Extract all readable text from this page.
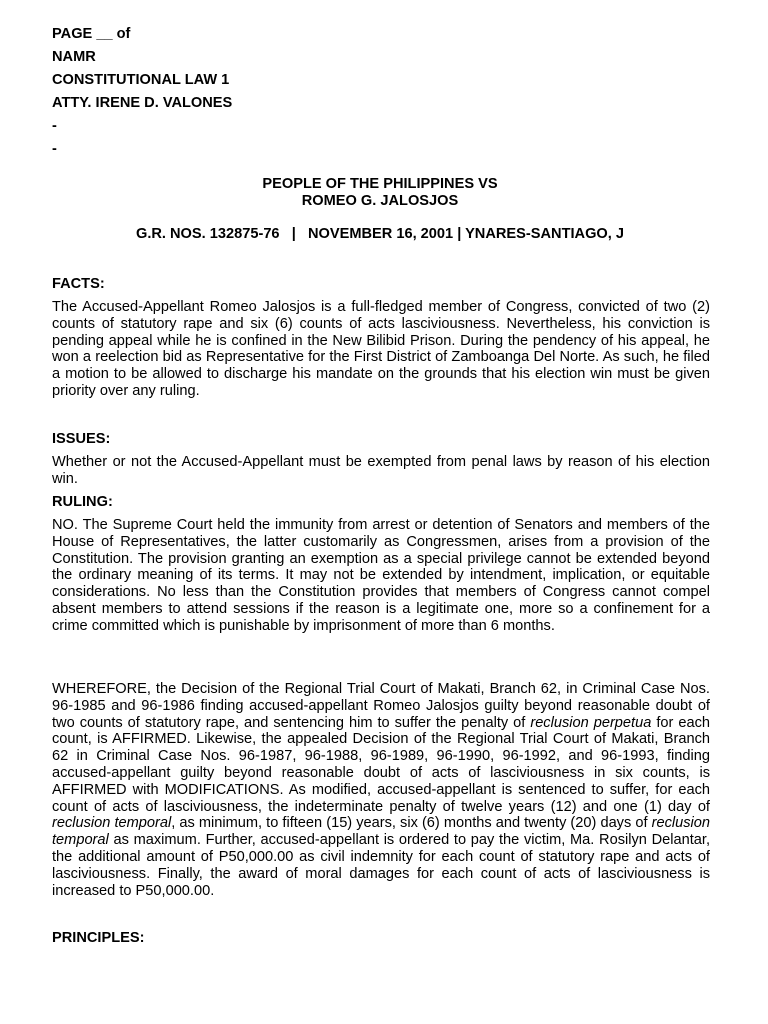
PAGE __ of

NAMR

CONSTITUTIONAL LAW 1

ATTY. IRENE D. VALONES

-

-

PEOPLE OF THE PHILIPPINES VS

ROMEO G. JALOSJOS

G.R. NOS. 132875-76   |   NOVEMBER 16, 2001 | YNARES-SANTIAGO, J

FACTS:

The Accused-Appellant Romeo Jalosjos is a full-fledged member of Congress, convicted of two (2) counts of statutory rape and six (6) counts of acts lasciviousness. Nevertheless, his conviction is pending appeal while he is confined in the New Bilibid Prison. During the pendency of his appeal, he won a reelection bid as Representative for the First District of Zamboanga Del Norte. As such, he filed a motion to be allowed to discharge his mandate on the grounds that his election win must be given priority over any ruling.

ISSUES:

Whether or not the Accused-Appellant must be exempted from penal laws by reason of his election win.

RULING:

NO. The Supreme Court held the immunity from arrest or detention of Senators and members of the House of Representatives, the latter customarily as Congressmen, arises from a provision of the Constitution. The provision granting an exemption as a special privilege cannot be extended beyond the ordinary meaning of its terms. It may not be extended by intendment, implication, or equitable considerations. No less than the Constitution provides that members of Congress cannot compel absent members to attend sessions if the reason is a legitimate one, more so a confinement for a crime committed which is punishable by imprisonment of more than 6 months.

WHEREFORE, the Decision of the Regional Trial Court of Makati, Branch 62, in Criminal Case Nos. 96-1985 and 96-1986 finding accused-appellant Romeo Jalosjos guilty beyond reasonable doubt of two counts of statutory rape, and sentencing him to suffer the penalty of reclusion perpetua for each count, is AFFIRMED. Likewise, the appealed Decision of the Regional Trial Court of Makati, Branch 62 in Criminal Case Nos. 96-1987, 96-1988, 96-1989, 96-1990, 96-1992, and 96-1993, finding accused-appellant guilty beyond reasonable doubt of acts of lasciviousness in six counts, is AFFIRMED with MODIFICATIONS. As modified, accused-appellant is sentenced to suffer, for each count of acts of lasciviousness, the indeterminate penalty of twelve years (12) and one (1) day of reclusion temporal, as minimum, to fifteen (15) years, six (6) months and twenty (20) days of reclusion temporal as maximum. Further, accused-appellant is ordered to pay the victim, Ma. Rosilyn Delantar, the additional amount of P50,000.00 as civil indemnity for each count of statutory rape and acts of lasciviousness. Finally, the award of moral damages for each count of acts of lasciviousness is increased to P50,000.00.

PRINCIPLES:
